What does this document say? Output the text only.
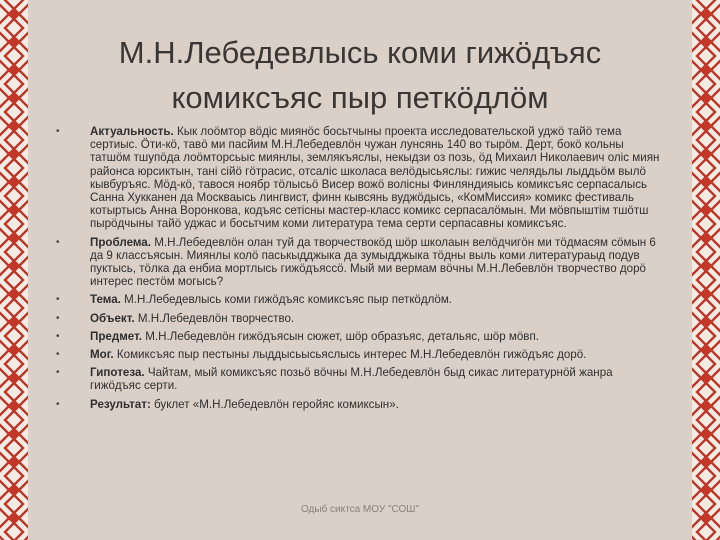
М.Н.Лебедевлысь коми гижӧдъяс
комиксъяс пыр петкӧдлӧм
•	Актуальность. Кык лоӧмтор вӧдіс миянӧс босьтчыны проекта исследовательской уджӧ тайӧ тема сертиыс. Ӧти-кӧ, тавӧ ми пасйим М.Н.Лебедевлӧн чужан лунсянь 140 во тырӧм. Дерт, бокӧ кольны татшӧм тшупӧда лоӧмторсьыс миянлы, землякъяслы, некыдзи оз позь, ӧд Михаил Николаевич оліс миян районса юрсиктын, тані сійӧ гӧтрасис, отсаліс школаса велӧдысьяслы: гижис челядьлы лыддьӧм вылӧ кывбуръяс. Мӧд-кӧ, тавося ноябр тӧлысьӧ Висер вожӧ волісны Финляндияысь комиксъяс серпасалысь Санна Хукканен да Москваысь лингвист, финн кывсянь вуджӧдысь, «КомМиссия» комикс фестиваль котыртысь Анна Воронкова, кодъяс сетісны мастер-класс комикс серпасалӧмын. Ми мӧвпыштім тшӧтш пырӧдчыны тайӧ уджас и босьтчим коми литература тема серти серпасавны комиксъяс.
•	Проблема. М.Н.Лебедевлӧн олан туй да творчествокӧд шӧр школаын велӧдчигӧн ми тӧдмасям сӧмын 6 да 9 классъясын. Миянлы колӧ паськыдджыка да зумыдджыка тӧдны выль коми литератураыд подув пуктысь, тӧлка да енбиа мортлысь гижӧдъяссӧ. Мый ми вермам вӧчны М.Н.Лебевлӧн творчество дорӧ интерес пестӧм могысь?
•	Тема. М.Н.Лебедевлысь коми гижӧдъяс комиксъяс пыр петкӧдлӧм.
•	Объект. М.Н.Лебедевлӧн творчество.
•	Предмет. М.Н.Лебедевлӧн гижӧдъясын сюжет, шӧр образъяс, детальяс, шӧр мӧвп.
•	Мог. Комиксъяс пыр пестыны лыддысьысьяслысь интерес М.Н.Лебедевлӧн гижӧдъяс дорӧ.
•	Гипотеза. Чайтам, мый комиксъяс позьӧ вӧчны М.Н.Лебедевлӧн быд сикас литературнӧй жанра гижӧдъяс серти.
•	Результат: буклет «М.Н.Лебедевлӧн геройяс комиксын».
Одыб сиктса МОУ "СОШ"
